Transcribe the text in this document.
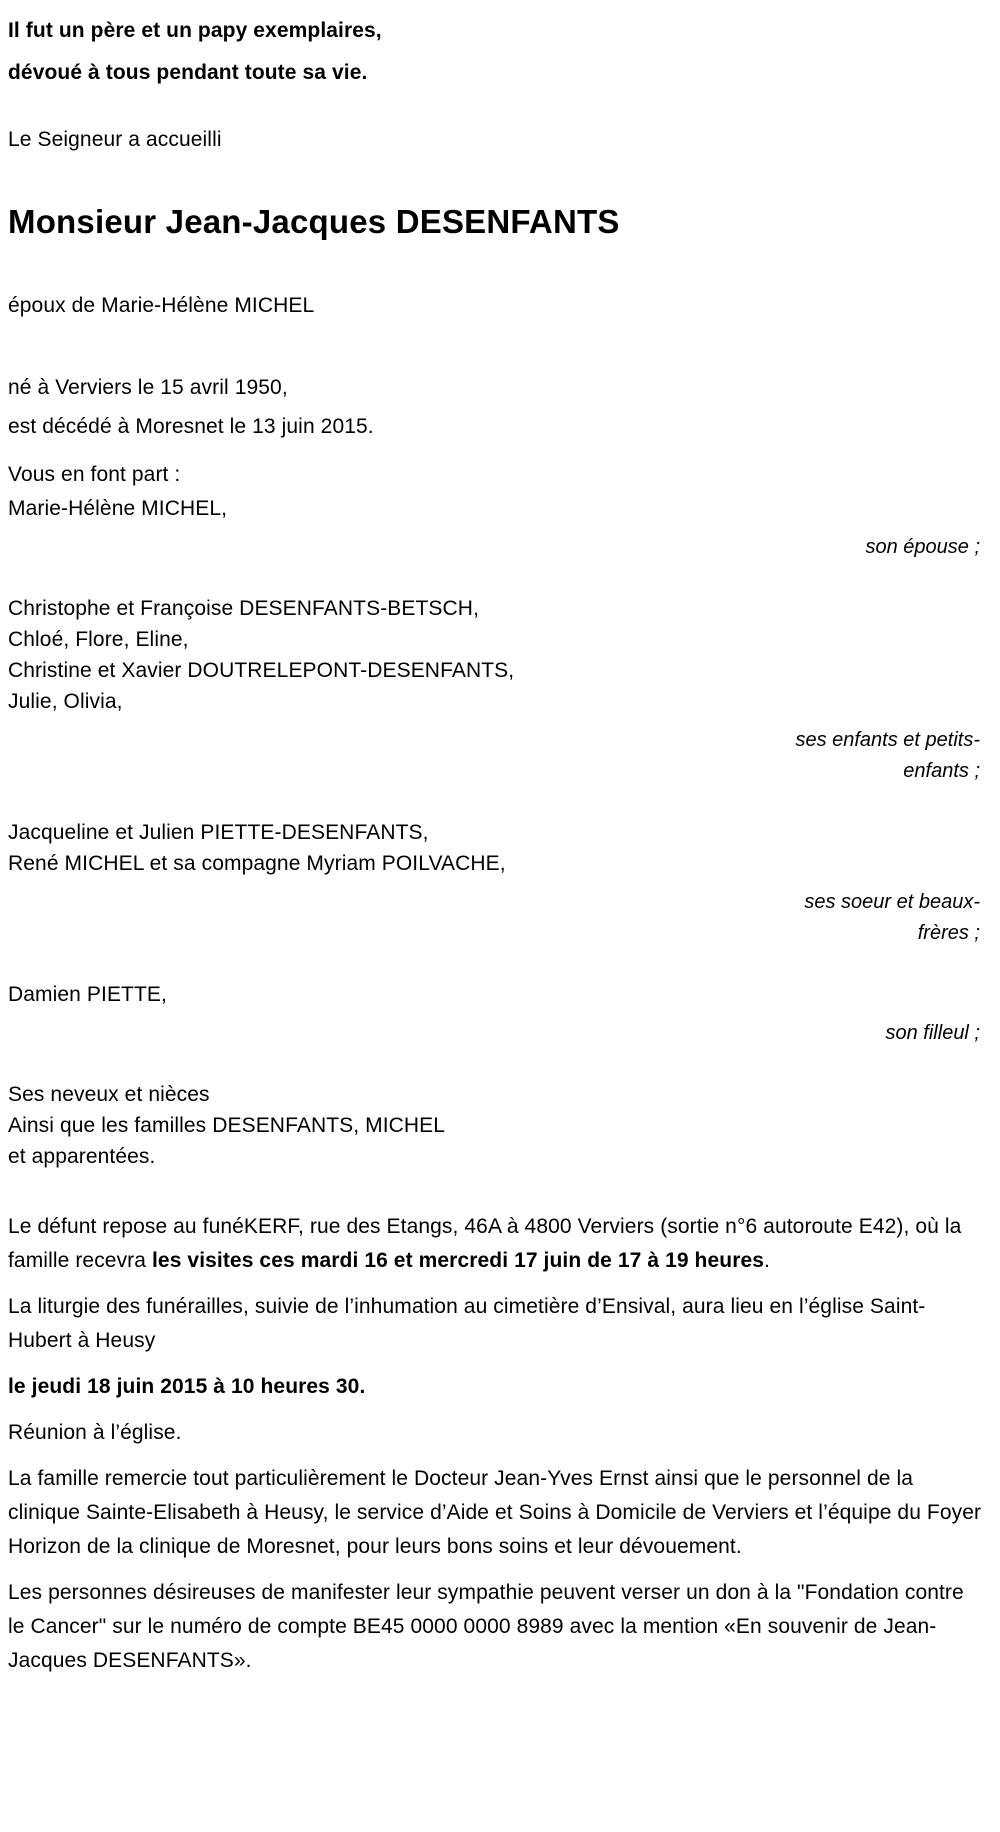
Il fut un père et un papy exemplaires,
dévoué à tous pendant toute sa vie.
Le Seigneur a accueilli
Monsieur Jean-Jacques DESENFANTS
époux de Marie-Hélène MICHEL
né à Verviers le 15 avril 1950,
est décédé à Moresnet le 13 juin 2015.
Vous en font part :
Marie-Hélène MICHEL,
son épouse ;
Christophe et Françoise DESENFANTS-BETSCH,
Chloé, Flore, Eline,
Christine et Xavier DOUTRELEPONT-DESENFANTS,
Julie, Olivia,
ses enfants et petits-enfants ;
Jacqueline et Julien PIETTE-DESENFANTS,
René MICHEL et sa compagne Myriam POILVACHE,
ses soeur et beaux-frères ;
Damien PIETTE,
son filleul ;
Ses neveux et nièces
Ainsi que les familles DESENFANTS, MICHEL
et apparentées.

Le défunt repose au funéKERF, rue des Etangs, 46A à 4800 Verviers (sortie n°6 autoroute E42), où la famille recevra les visites ces mardi 16 et mercredi 17 juin de 17 à 19 heures.

La liturgie des funérailles, suivie de l’inhumation au cimetière d’Ensival, aura lieu en l’église Saint-Hubert à Heusy

le jeudi 18 juin 2015 à 10 heures 30.

Réunion à l’église.

La famille remercie tout particulièrement le Docteur Jean-Yves Ernst ainsi que le personnel de la clinique Sainte-Elisabeth à Heusy, le service d’Aide et Soins à Domicile de Verviers et l’équipe du Foyer Horizon de la clinique de Moresnet, pour leurs bons soins et leur dévouement.

Les personnes désireuses de manifester leur sympathie peuvent verser un don à la "Fondation contre le Cancer" sur le numéro de compte BE45 0000 0000 8989 avec la mention «En souvenir de Jean-Jacques DESENFANTS».
